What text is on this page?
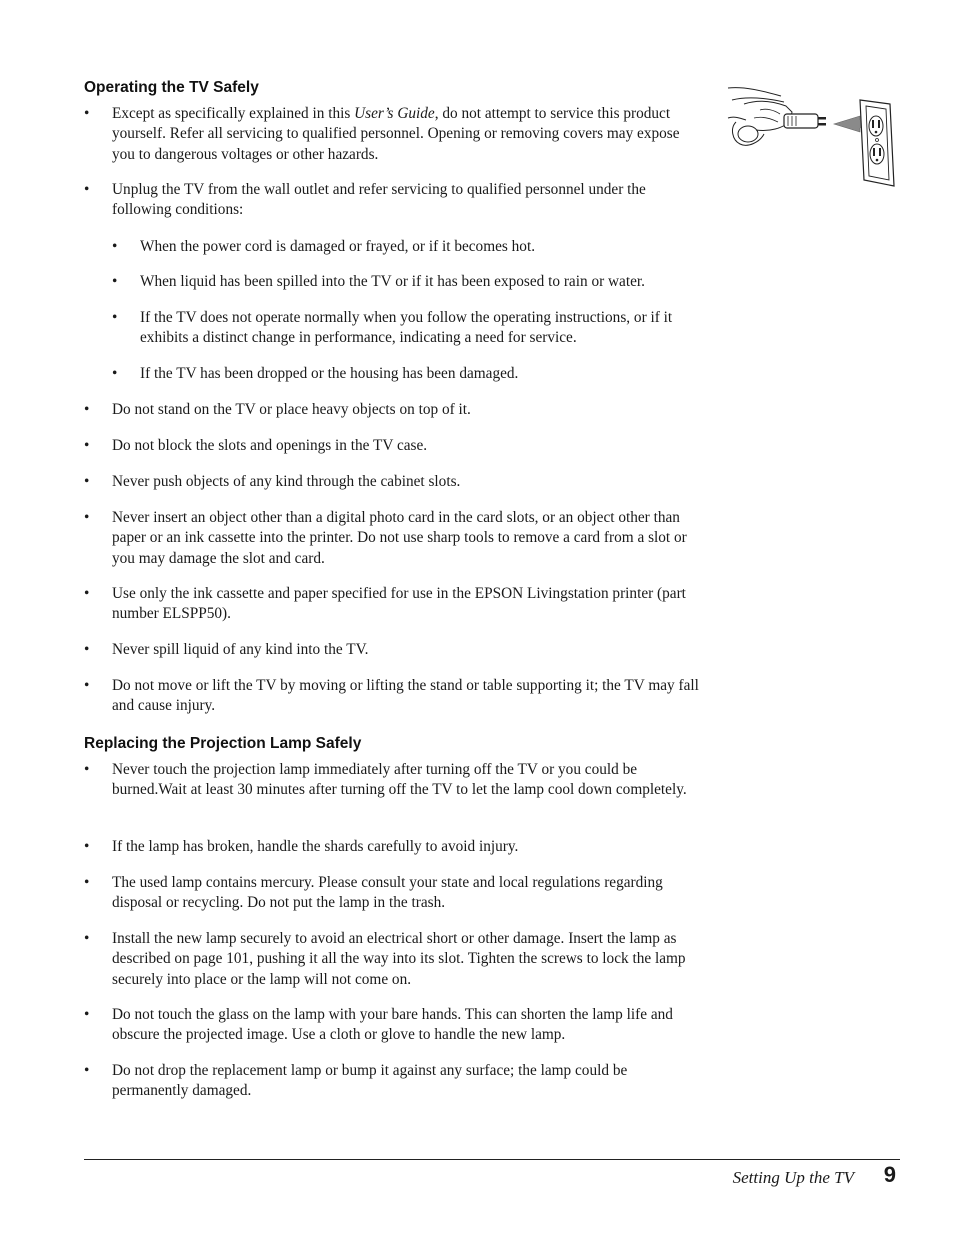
Operating the TV Safely
• Except as specifically explained in this User’s Guide, do not attempt to service this product yourself. Refer all servicing to qualified personnel. Opening or removing covers may expose you to dangerous voltages or other hazards.
• Unplug the TV from the wall outlet and refer servicing to qualified personnel under the following conditions:
• When the power cord is damaged or frayed, or if it becomes hot.
• When liquid has been spilled into the TV or if it has been exposed to rain or water.
• If the TV does not operate normally when you follow the operating instructions, or if it exhibits a distinct change in performance, indicating a need for service.
• If the TV has been dropped or the housing has been damaged.
• Do not stand on the TV or place heavy objects on top of it.
• Do not block the slots and openings in the TV case.
• Never push objects of any kind through the cabinet slots.
• Never insert an object other than a digital photo card in the card slots, or an object other than paper or an ink cassette into the printer. Do not use sharp tools to remove a card from a slot or you may damage the slot and card.
• Use only the ink cassette and paper specified for use in the EPSON Livingstation printer (part number ELSPP50).
• Never spill liquid of any kind into the TV.
• Do not move or lift the TV by moving or lifting the stand or table supporting it; the TV may fall and cause injury.
Replacing the Projection Lamp Safely
• Never touch the projection lamp immediately after turning off the TV or you could be burned.Wait at least 30 minutes after turning off the TV to let the lamp cool down completely.
• If the lamp has broken, handle the shards carefully to avoid injury.
• The used lamp contains mercury. Please consult your state and local regulations regarding disposal or recycling. Do not put the lamp in the trash.
• Install the new lamp securely to avoid an electrical short or other damage. Insert the lamp as described on page 101, pushing it all the way into its slot. Tighten the screws to lock the lamp securely into place or the lamp will not come on.
• Do not touch the glass on the lamp with your bare hands. This can shorten the lamp life and obscure the projected image. Use a cloth or glove to handle the new lamp.
• Do not drop the replacement lamp or bump it against any surface; the lamp could be permanently damaged.
Setting Up the TV 9
